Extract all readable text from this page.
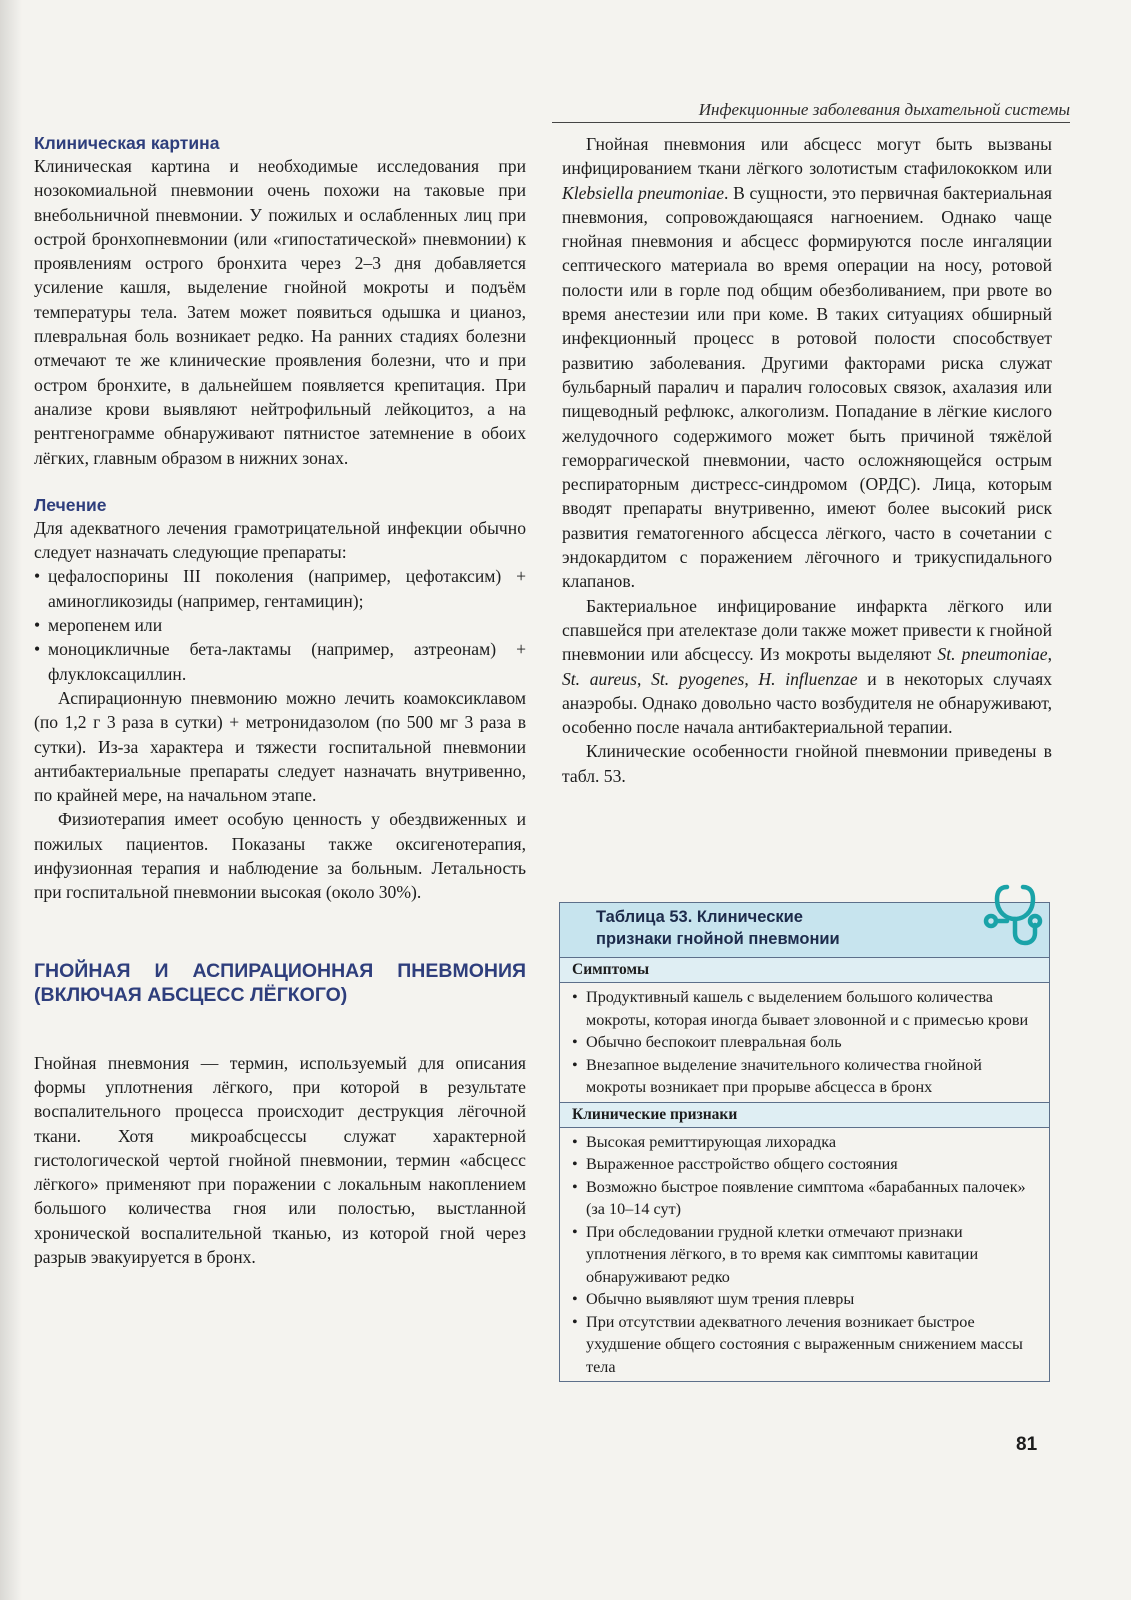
Инфекционные заболевания дыхательной системы
Клиническая картина

Клиническая картина и необходимые исследования при нозокомиальной пневмонии очень похожи на таковые при внебольничной пневмонии. У пожилых и ослабленных лиц при острой бронхопневмонии (или «гипостатической» пневмонии) к проявлениям острого бронхита через 2–3 дня добавляется усиление кашля, выделение гнойной мокроты и подъём температуры тела. Затем может появиться одышка и цианоз, плевральная боль возникает редко. На ранних стадиях болезни отмечают те же клинические проявления болезни, что и при остром бронхите, в дальнейшем появляется крепитация. При анализе крови выявляют нейтрофильный лейкоцитоз, а на рентгенограмме обнаруживают пятнистое затемнение в обоих лёгких, главным образом в нижних зонах.

Лечение

Для адекватного лечения грамотрицательной инфекции обычно следует назначать следующие препараты:

• цефалоспорины III поколения (например, цефотаксим) + аминогликозиды (например, гентамицин);
• меропенем или
• моноцикличные бета-лактамы (например, азтреонам) + флуклоксациллин.

Аспирационную пневмонию можно лечить коамоксиклавом (по 1,2 г 3 раза в сутки) + метронидазолом (по 500 мг 3 раза в сутки). Из-за характера и тяжести госпитальной пневмонии антибактериальные препараты следует назначать внутривенно, по крайней мере, на начальном этапе.

Физиотерапия имеет особую ценность у обездвиженных и пожилых пациентов. Показаны также оксигенотерапия, инфузионная терапия и наблюдение за больным. Летальность при госпитальной пневмонии высокая (около 30%).

ГНОЙНАЯ И АСПИРАЦИОННАЯ ПНЕВМОНИЯ (ВКЛЮЧАЯ АБСЦЕСС ЛЁГКОГО)

Гнойная пневмония — термин, используемый для описания формы уплотнения лёгкого, при которой в результате воспалительного процесса происходит деструкция лёгочной ткани. Хотя микроабсцессы служат характерной гистологической чертой гнойной пневмонии, термин «абсцесс лёгкого» применяют при поражении с локальным накоплением большого количества гноя или полостью, выстланной хронической воспалительной тканью, из которой гной через разрыв эвакуируется в бронх.

Гнойная пневмония или абсцесс могут быть вызваны инфицированием ткани лёгкого золотистым стафилококком или Klebsiella pneumoniae. В сущности, это первичная бактериальная пневмония, сопровождающаяся нагноением. Однако чаще гнойная пневмония и абсцесс формируются после ингаляции септического материала во время операции на носу, ротовой полости или в горле под общим обезболиванием, при рвоте во время анестезии или при коме. В таких ситуациях обширный инфекционный процесс в ротовой полости способствует развитию заболевания. Другими факторами риска служат бульбарный паралич и паралич голосовых связок, ахалазия или пищеводный рефлюкс, алкоголизм. Попадание в лёгкие кислого желудочного содержимого может быть причиной тяжёлой геморрагической пневмонии, часто осложняющейся острым респираторным дистресс-синдромом (ОРДС). Лица, которым вводят препараты внутривенно, имеют более высокий риск развития гематогенного абсцесса лёгкого, часто в сочетании с эндокардитом с поражением лёгочного и трикуспидального клапанов.

Бактериальное инфицирование инфаркта лёгкого или спавшейся при ателектазе доли также может привести к гнойной пневмонии или абсцессу. Из мокроты выделяют St. pneumoniae, St. aureus, St. pyogenes, H. influenzae и в некоторых случаях анаэробы. Однако довольно часто возбудителя не обнаруживают, особенно после начала антибактериальной терапии.

Клинические особенности гнойной пневмонии приведены в табл. 53.

Таблица 53. Клинические
признаки гнойной пневмонии
Симптомы
• Продуктивный кашель с выделением большого количества мокроты, которая иногда бывает зловонной и с примесью крови
• Обычно беспокоит плевральная боль
• Внезапное выделение значительного количества гнойной мокроты возникает при прорыве абсцесса в бронх
Клинические признаки
• Высокая ремиттирующая лихорадка
• Выраженное расстройство общего состояния
• Возможно быстрое появление симптома «барабанных палочек» (за 10–14 сут)
• При обследовании грудной клетки отмечают признаки уплотнения лёгкого, в то время как симптомы кавитации обнаруживают редко
• Обычно выявляют шум трения плевры
• При отсутствии адекватного лечения возникает быстрое ухудшение общего состояния с выраженным снижением массы тела
81
